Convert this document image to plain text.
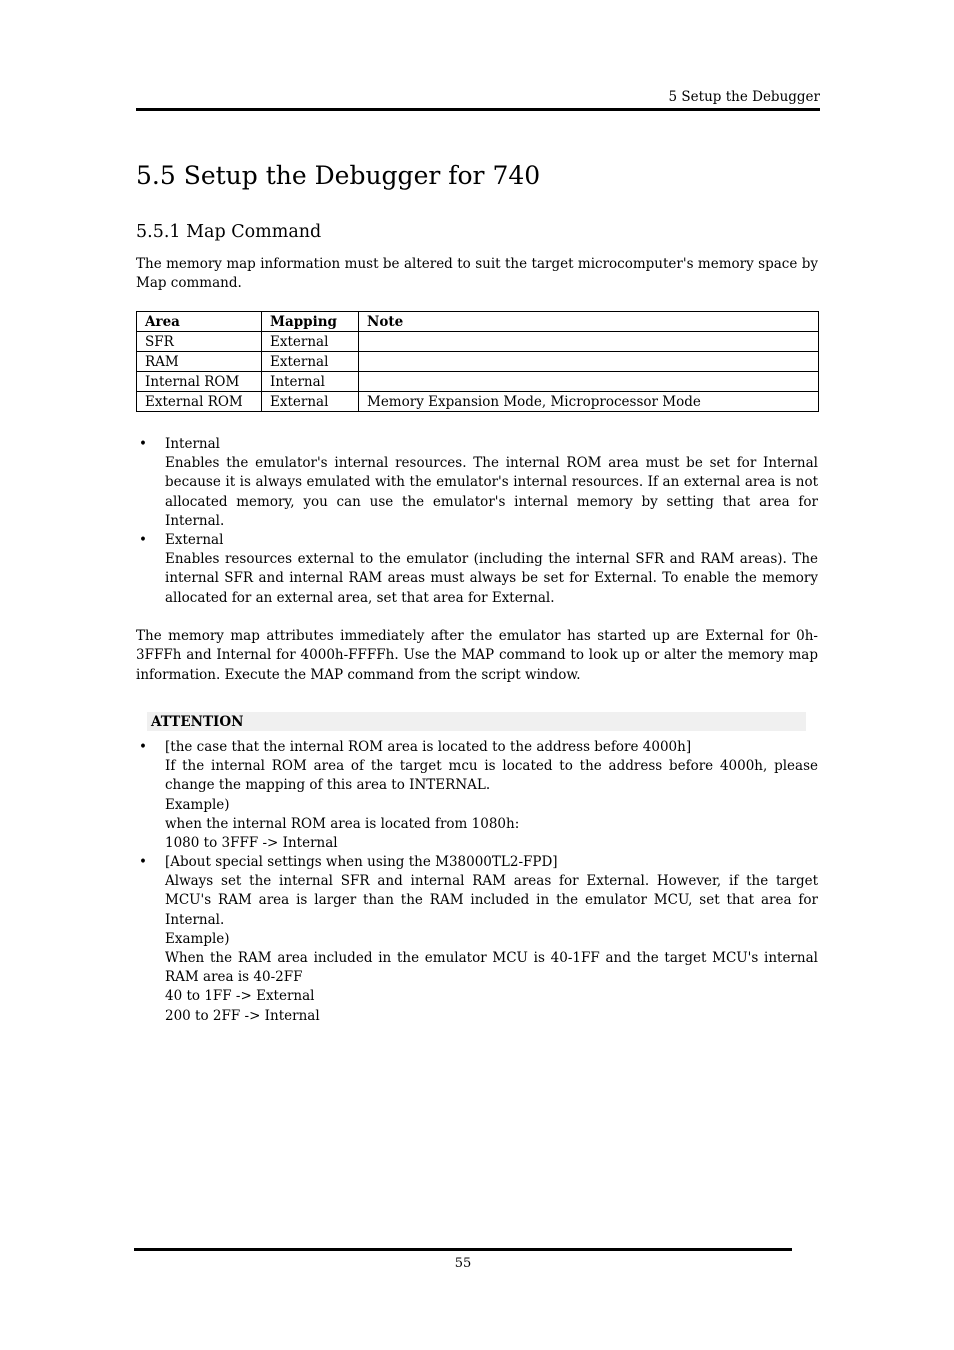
5 Setup the Debugger
5.5 Setup the Debugger for 740
5.5.1 Map Command

The memory map information must be altered to suit the target microcomputer's memory space by Map command.

Area	Mapping	Note
SFR	External	
RAM	External	
Internal ROM	Internal	
External ROM	External	Memory Expansion Mode, Microprocessor Mode
• Internal
Enables the emulator's internal resources. The internal ROM area must be set for Internal because it is always emulated with the emulator's internal resources. If an external area is not allocated memory, you can use the emulator's internal memory by setting that area for Internal.
• External
Enables resources external to the emulator (including the internal SFR and RAM areas). The internal SFR and internal RAM areas must always be set for External. To enable the memory allocated for an external area, set that area for External.

The memory map attributes immediately after the emulator has started up are External for 0h-3FFFh and Internal for 4000h-FFFFh. Use the MAP command to look up or alter the memory map information. Execute the MAP command from the script window.

ATTENTION
• [the case that the internal ROM area is located to the address before 4000h]
If the internal ROM area of the target mcu is located to the address before 4000h, please change the mapping of this area to INTERNAL.
Example)
when the internal ROM area is located from 1080h:
1080 to 3FFF -> Internal
• [About special settings when using the M38000TL2-FPD]
Always set the internal SFR and internal RAM areas for External. However, if the target MCU's RAM area is larger than the RAM included in the emulator MCU, set that area for Internal.
Example)
When the RAM area included in the emulator MCU is 40-1FF and the target MCU's internal RAM area is 40-2FF
40 to 1FF -> External
200 to 2FF -> Internal
55
